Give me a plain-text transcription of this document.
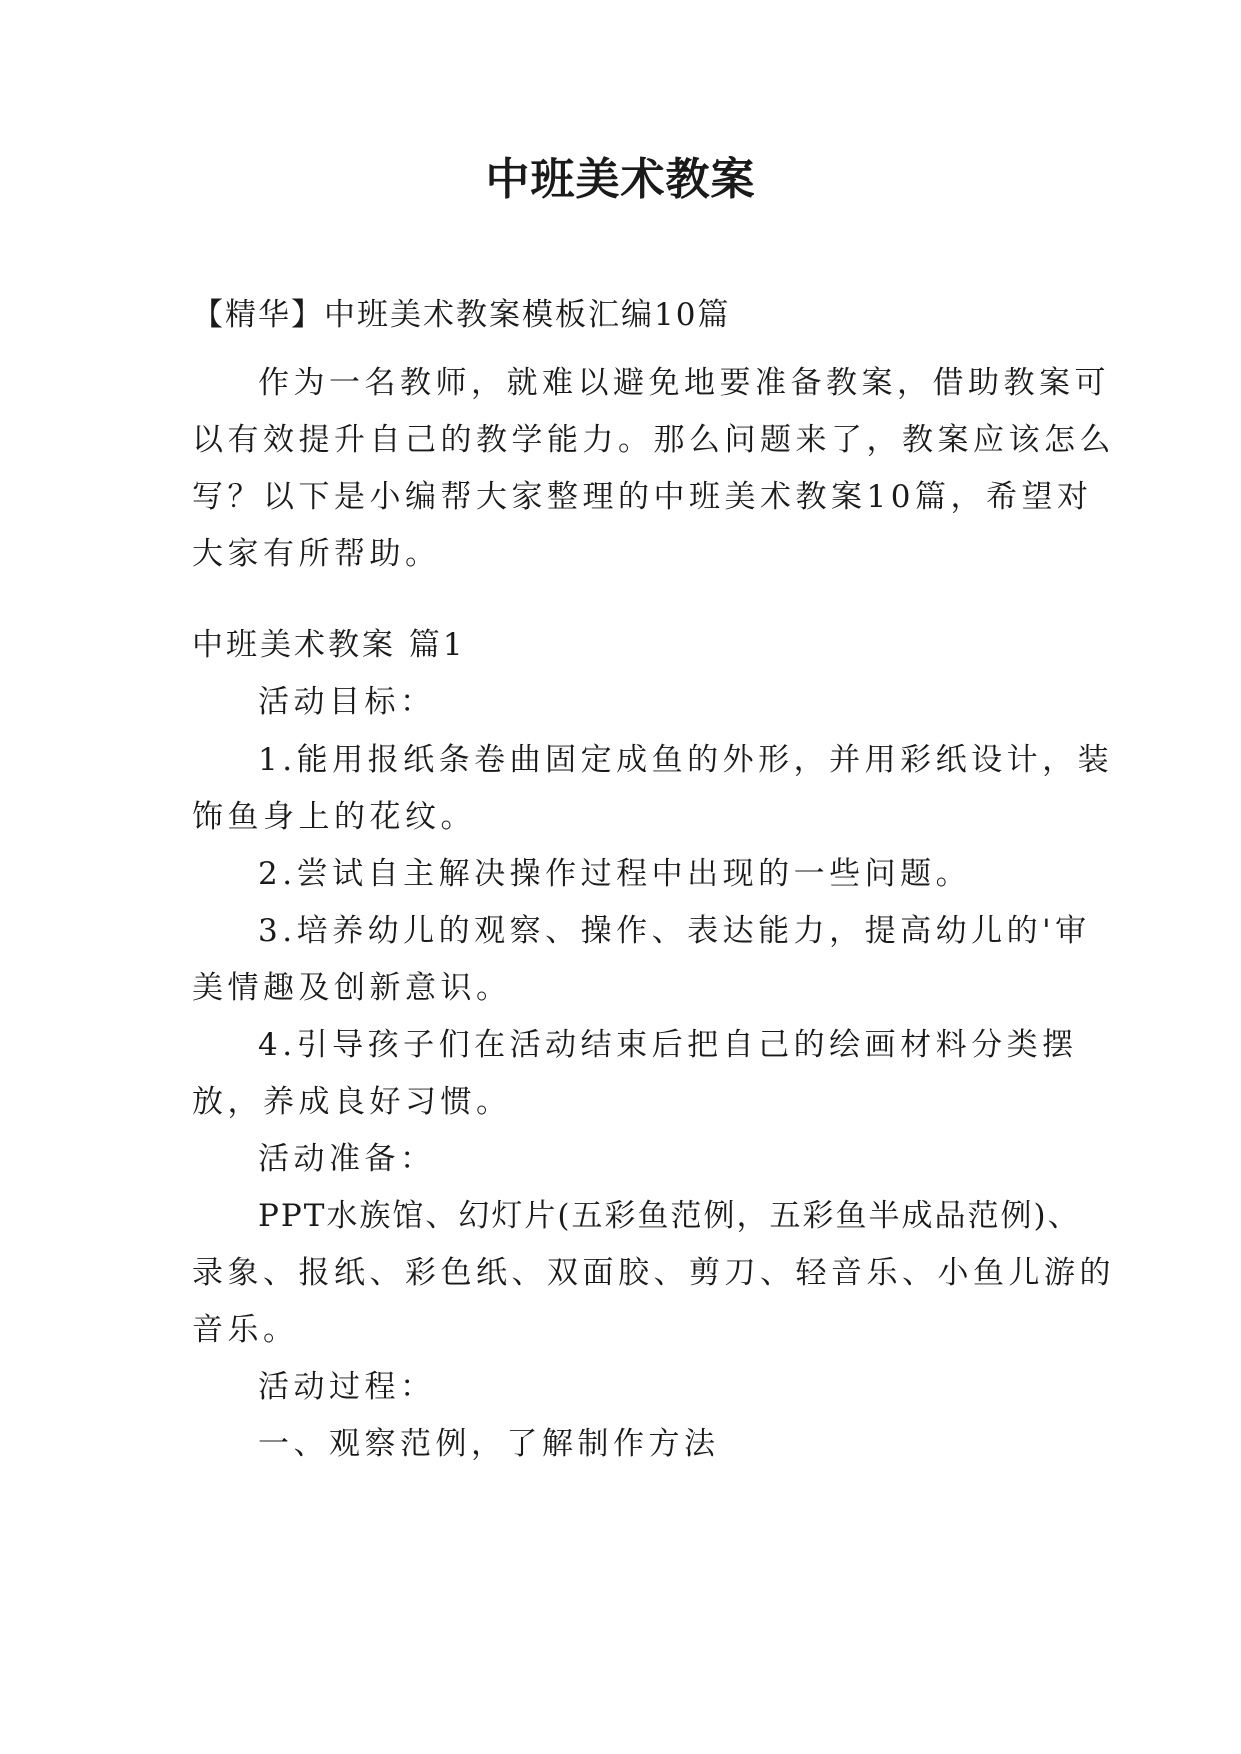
中班美术教案
【精华】中班美术教案模板汇编10篇
作为一名教师，就难以避免地要准备教案，借助教案可
以有效提升自己的教学能力。那么问题来了，教案应该怎么
写？以下是小编帮大家整理的中班美术教案10篇，希望对
大家有所帮助。
中班美术教案 篇1
活动目标：
1.能用报纸条卷曲固定成鱼的外形，并用彩纸设计，装
饰鱼身上的花纹。
2.尝试自主解决操作过程中出现的一些问题。
3.培养幼儿的观察、操作、表达能力，提高幼儿的'审
美情趣及创新意识。
4.引导孩子们在活动结束后把自己的绘画材料分类摆
放，养成良好习惯。
活动准备：
PPT水族馆、幻灯片(五彩鱼范例，五彩鱼半成品范例)、
录象、报纸、彩色纸、双面胶、剪刀、轻音乐、小鱼儿游的
音乐。
活动过程：
一、观察范例，了解制作方法
